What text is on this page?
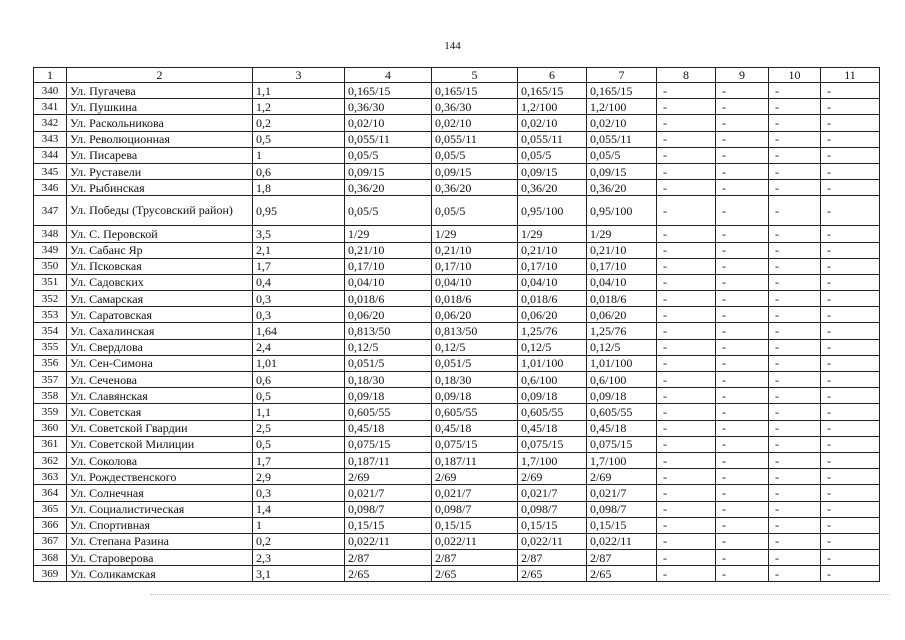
144
1	2	3	4	5	6	7	8	9	10	11
340	Ул. Пугачева	1,1	0,165/15	0,165/15	0,165/15	0,165/15	-	-	-	-
341	Ул. Пушкина	1,2	0,36/30	0,36/30	1,2/100	1,2/100	-	-	-	-
342	Ул. Раскольникова	0,2	0,02/10	0,02/10	0,02/10	0,02/10	-	-	-	-
343	Ул. Революционная	0,5	0,055/11	0,055/11	0,055/11	0,055/11	-	-	-	-
344	Ул. Писарева	1	0,05/5	0,05/5	0,05/5	0,05/5	-	-	-	-
345	Ул. Руставели	0,6	0,09/15	0,09/15	0,09/15	0,09/15	-	-	-	-
346	Ул. Рыбинская	1,8	0,36/20	0,36/20	0,36/20	0,36/20	-	-	-	-
347	Ул. Победы (Трусовский район)	0,95	0,05/5	0,05/5	0,95/100	0,95/100	-	-	-	-
348	Ул. С. Перовской	3,5	1/29	1/29	1/29	1/29	-	-	-	-
349	Ул. Сабанс Яр	2,1	0,21/10	0,21/10	0,21/10	0,21/10	-	-	-	-
350	Ул. Псковская	1,7	0,17/10	0,17/10	0,17/10	0,17/10	-	-	-	-
351	Ул. Садовских	0,4	0,04/10	0,04/10	0,04/10	0,04/10	-	-	-	-
352	Ул. Самарская	0,3	0,018/6	0,018/6	0,018/6	0,018/6	-	-	-	-
353	Ул. Саратовская	0,3	0,06/20	0,06/20	0,06/20	0,06/20	-	-	-	-
354	Ул. Сахалинская	1,64	0,813/50	0,813/50	1,25/76	1,25/76	-	-	-	-
355	Ул. Свердлова	2,4	0,12/5	0,12/5	0,12/5	0,12/5	-	-	-	-
356	Ул. Сен-Симона	1,01	0,051/5	0,051/5	1,01/100	1,01/100	-	-	-	-
357	Ул. Сеченова	0,6	0,18/30	0,18/30	0,6/100	0,6/100	-	-	-	-
358	Ул. Славянская	0,5	0,09/18	0,09/18	0,09/18	0,09/18	-	-	-	-
359	Ул. Советская	1,1	0,605/55	0,605/55	0,605/55	0,605/55	-	-	-	-
360	Ул. Советской Гвардии	2,5	0,45/18	0,45/18	0,45/18	0,45/18	-	-	-	-
361	Ул. Советской Милиции	0,5	0,075/15	0,075/15	0,075/15	0,075/15	-	-	-	-
362	Ул. Соколова	1,7	0,187/11	0,187/11	1,7/100	1,7/100	-	-	-	-
363	Ул. Рождественского	2,9	2/69	2/69	2/69	2/69	-	-	-	-
364	Ул. Солнечная	0,3	0,021/7	0,021/7	0,021/7	0,021/7	-	-	-	-
365	Ул. Социалистическая	1,4	0,098/7	0,098/7	0,098/7	0,098/7	-	-	-	-
366	Ул. Спортивная	1	0,15/15	0,15/15	0,15/15	0,15/15	-	-	-	-
367	Ул. Степана Разина	0,2	0,022/11	0,022/11	0,022/11	0,022/11	-	-	-	-
368	Ул. Староверова	2,3	2/87	2/87	2/87	2/87	-	-	-	-
369	Ул. Соликамская	3,1	2/65	2/65	2/65	2/65	-	-	-	-
